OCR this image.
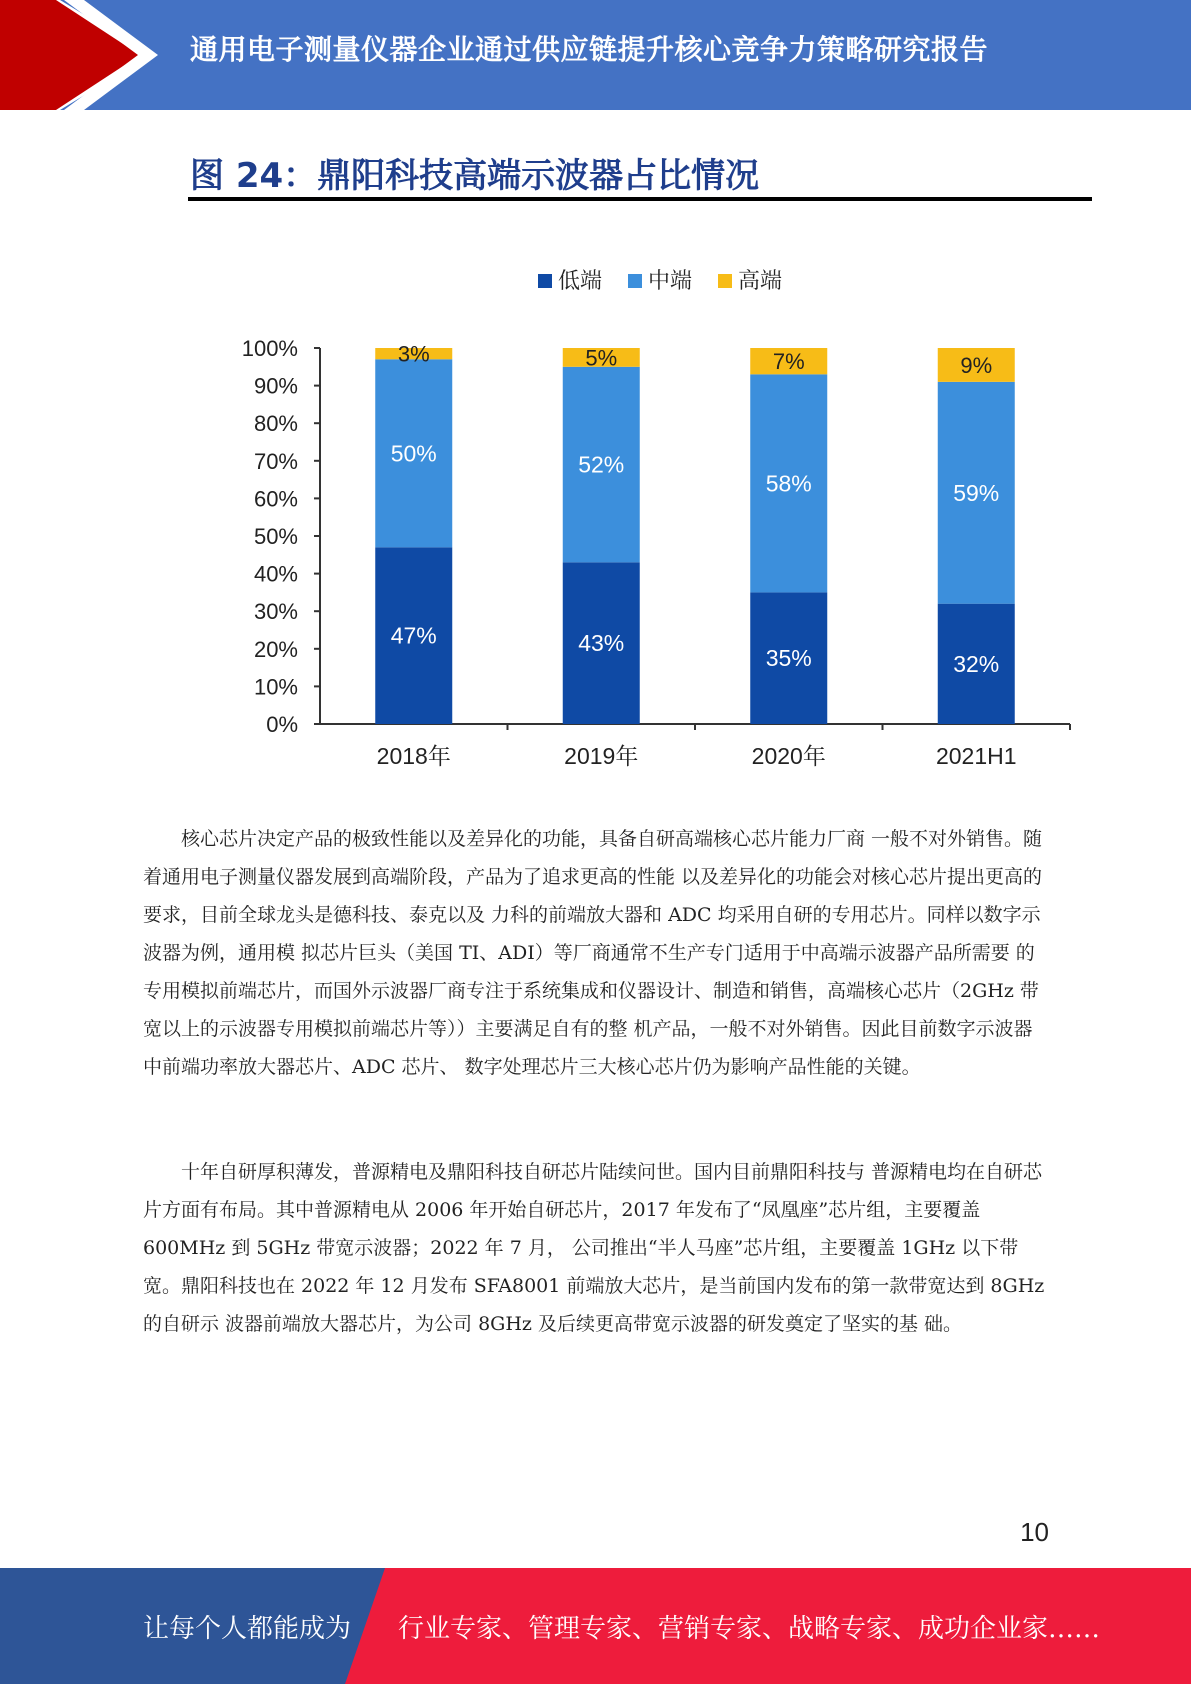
通用电子测量仪器企业通过供应链提升核心竞争力策略研究报告
图 24：鼎阳科技高端示波器占比情况
低端 中端 高端
0%
10%
20%
30%
40%
50%
60%
70%
80%
90%
100%
47%
50%
3%
2018年
43%
52%
5%
2019年
35%
58%
7%
2020年
32%
59%
9%
2021H1

核心芯片决定产品的极致性能以及差异化的功能，具备自研高端核心芯片能力厂商 一般不对外销售。随着通用电子测量仪器发展到高端阶段，产品为了追求更高的性能 以及差异化的功能会对核心芯片提出更高的要求，目前全球龙头是德科技、泰克以及 力科的前端放大器和 ADC 均采用自研的专用芯片。同样以数字示波器为例，通用模 拟芯片巨头（美国 TI、ADI）等厂商通常不生产专门适用于中高端示波器产品所需要 的专用模拟前端芯片，而国外示波器厂商专注于系统集成和仪器设计、制造和销售，高端核心芯片（2GHz 带宽以上的示波器专用模拟前端芯片等））主要满足自有的整 机产品，一般不对外销售。因此目前数字示波器中前端功率放大器芯片、ADC 芯片、 数字处理芯片三大核心芯片仍为影响产品性能的关键。

十年自研厚积薄发，普源精电及鼎阳科技自研芯片陆续问世。国内目前鼎阳科技与 普源精电均在自研芯片方面有布局。其中普源精电从 2006 年开始自研芯片，2017 年发布了“凤凰座”芯片组，主要覆盖 600MHz 到 5GHz 带宽示波器；2022 年 7 月， 公司推出“半人马座”芯片组，主要覆盖 1GHz 以下带宽。鼎阳科技也在 2022 年 12 月发布 SFA8001 前端放大芯片，是当前国内发布的第一款带宽达到 8GHz 的自研示 波器前端放大器芯片，为公司 8GHz 及后续更高带宽示波器的研发奠定了坚实的基 础。

10
让每个人都能成为 行业专家、管理专家、营销专家、战略专家、成功企业家……
